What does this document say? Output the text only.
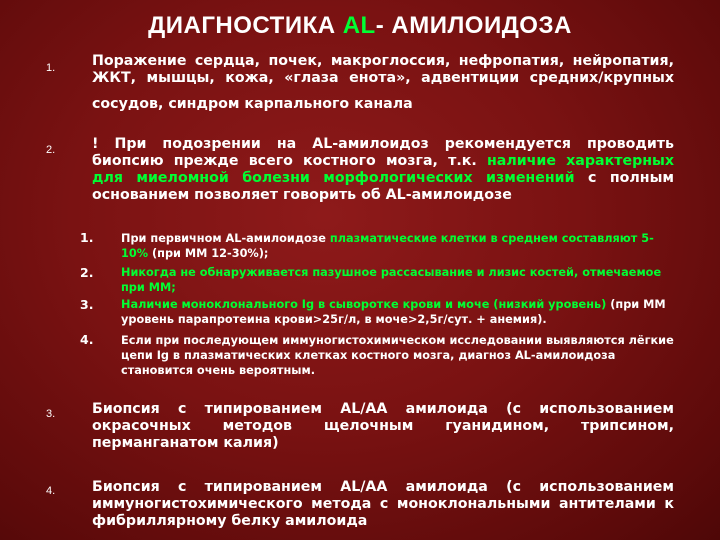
ДИАГНОСТИКА AL- АМИЛОИДОЗА
1.	Поражение сердца, почек, макроглоссия, нефропатия, нейропатия,
ЖКТ, мышцы, кожа, «глаза енота», адвентиции средних/крупных
сосудов, синдром карпального канала
2.	! При подозрении на AL-амилоидоз рекомендуется проводить
биопсию прежде всего костного мозга, т.к. наличие характерных
для миеломной болезни морфологических изменений с полным
основанием позволяет говорить об AL-амилоидозе
1. При первичном AL-амилоидозе плазматические клетки в среднем составляют 5-10% (при ММ 12-30%);
2. Никогда не обнаруживается пазушное рассасывание и лизис костей, отмечаемое при ММ;
3. Наличие моноклонального Ig в сыворотке крови и моче (низкий уровень) (при ММ уровень парапротеина крови>25г/л, в моче>2,5г/сут. + анемия).
4. Если при последующем иммуногистохимическом исследовании выявляются лёгкие цепи Ig в плазматических клетках костного мозга, диагноз AL-амилоидоза становится очень вероятным.
3.	Биопсия с типированием AL/AA амилоида (с использованием
окрасочных методов щелочным гуанидином, трипсином,
перманганатом калия)
4.	Биопсия с типированием AL/AA амилоида (с использованием
иммуногистохимического метода с моноклональными антителами к
фибриллярному белку амилоида
